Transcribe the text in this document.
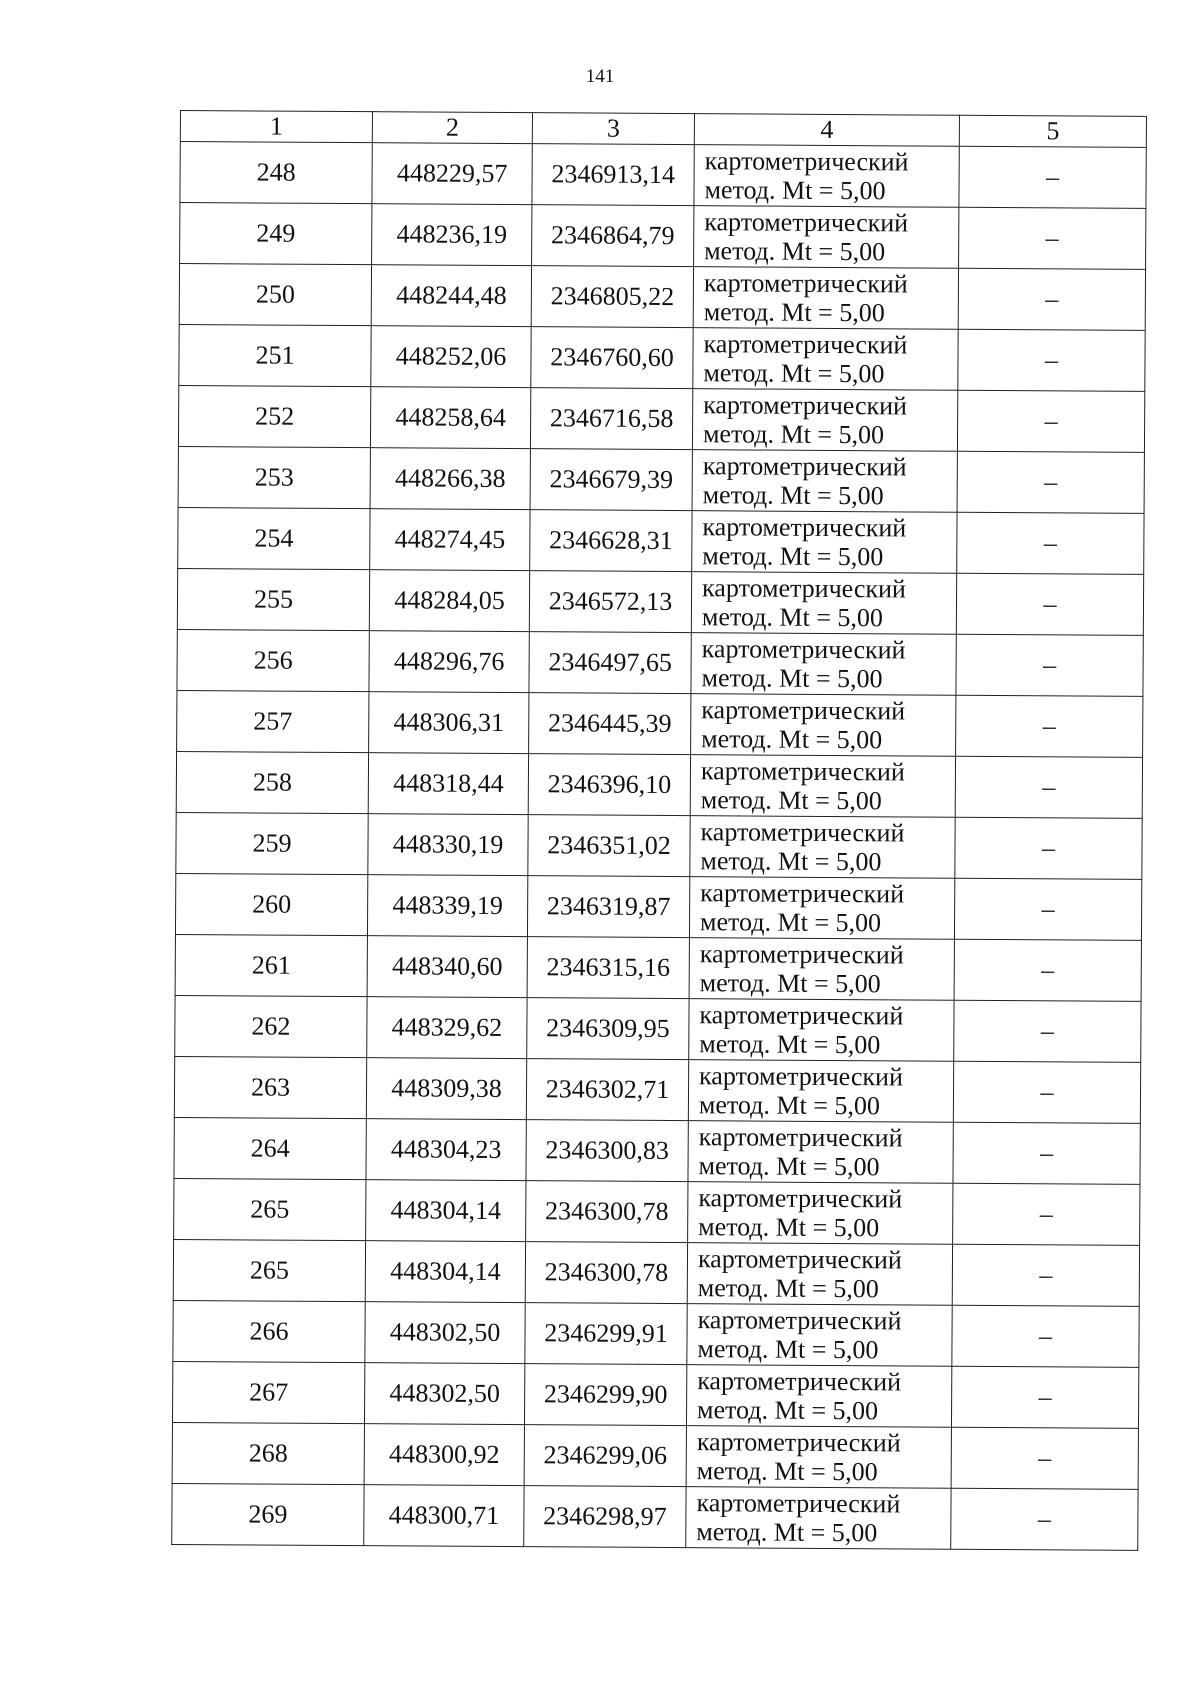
141
1	2	3	4	5
248	448229,57	2346913,14	картометрический
метод. Mt = 5,00	–
249	448236,19	2346864,79	картометрический
метод. Mt = 5,00	–
250	448244,48	2346805,22	картометрический
метод. Mt = 5,00	–
251	448252,06	2346760,60	картометрический
метод. Mt = 5,00	–
252	448258,64	2346716,58	картометрический
метод. Mt = 5,00	–
253	448266,38	2346679,39	картометрический
метод. Mt = 5,00	–
254	448274,45	2346628,31	картометрический
метод. Mt = 5,00	–
255	448284,05	2346572,13	картометрический
метод. Mt = 5,00	–
256	448296,76	2346497,65	картометрический
метод. Mt = 5,00	–
257	448306,31	2346445,39	картометрический
метод. Mt = 5,00	–
258	448318,44	2346396,10	картометрический
метод. Mt = 5,00	–
259	448330,19	2346351,02	картометрический
метод. Mt = 5,00	–
260	448339,19	2346319,87	картометрический
метод. Mt = 5,00	–
261	448340,60	2346315,16	картометрический
метод. Mt = 5,00	–
262	448329,62	2346309,95	картометрический
метод. Mt = 5,00	–
263	448309,38	2346302,71	картометрический
метод. Mt = 5,00	–
264	448304,23	2346300,83	картометрический
метод. Mt = 5,00	–
265	448304,14	2346300,78	картометрический
метод. Mt = 5,00	–
265	448304,14	2346300,78	картометрический
метод. Mt = 5,00	–
266	448302,50	2346299,91	картометрический
метод. Mt = 5,00	–
267	448302,50	2346299,90	картометрический
метод. Mt = 5,00	–
268	448300,92	2346299,06	картометрический
метод. Mt = 5,00	–
269	448300,71	2346298,97	картометрический
метод. Mt = 5,00	–
